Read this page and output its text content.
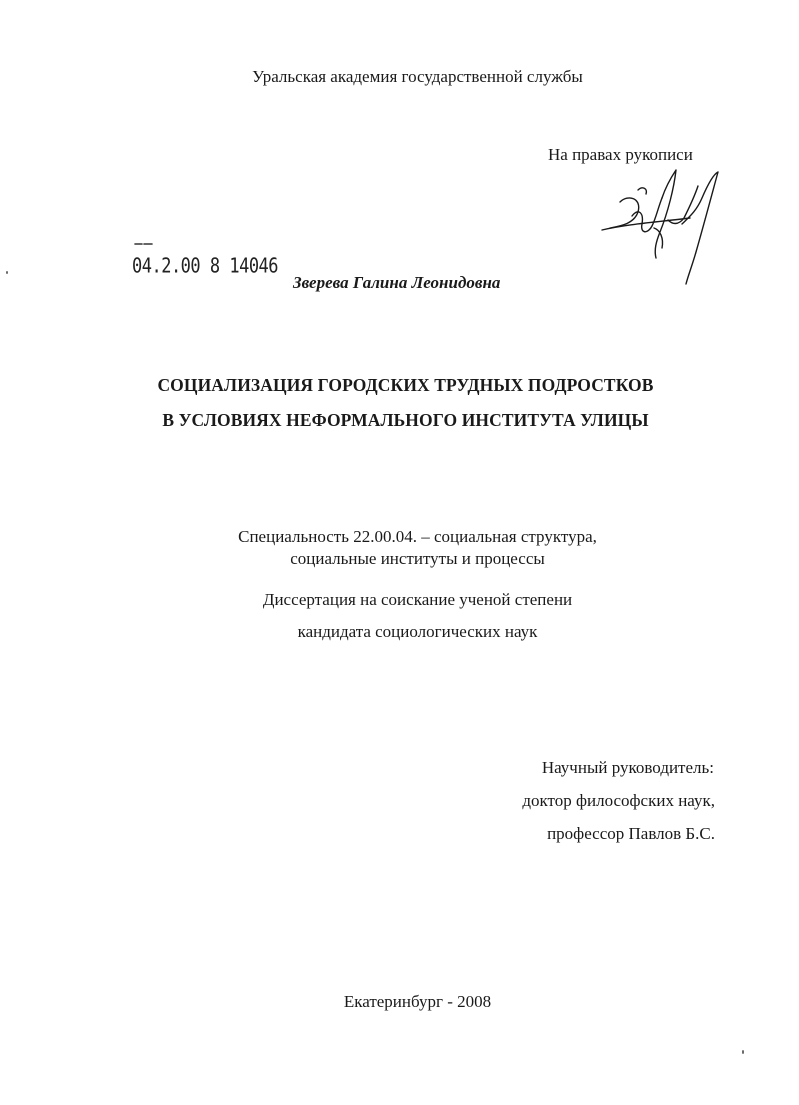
Уральская академия государственной службы
На правах рукописи
04.2.00 8 14046
Зверева Галина Леонидовна
СОЦИАЛИЗАЦИЯ ГОРОДСКИХ ТРУДНЫХ ПОДРОСТКОВ
В УСЛОВИЯХ НЕФОРМАЛЬНОГО ИНСТИТУТА УЛИЦЫ
Специальность 22.00.04. – социальная структура,
социальные институты и процессы
Диссертация на соискание ученой степени
кандидата социологических наук
Научный руководитель:
доктор философских наук,
профессор Павлов Б.С.
Екатеринбург - 2008
